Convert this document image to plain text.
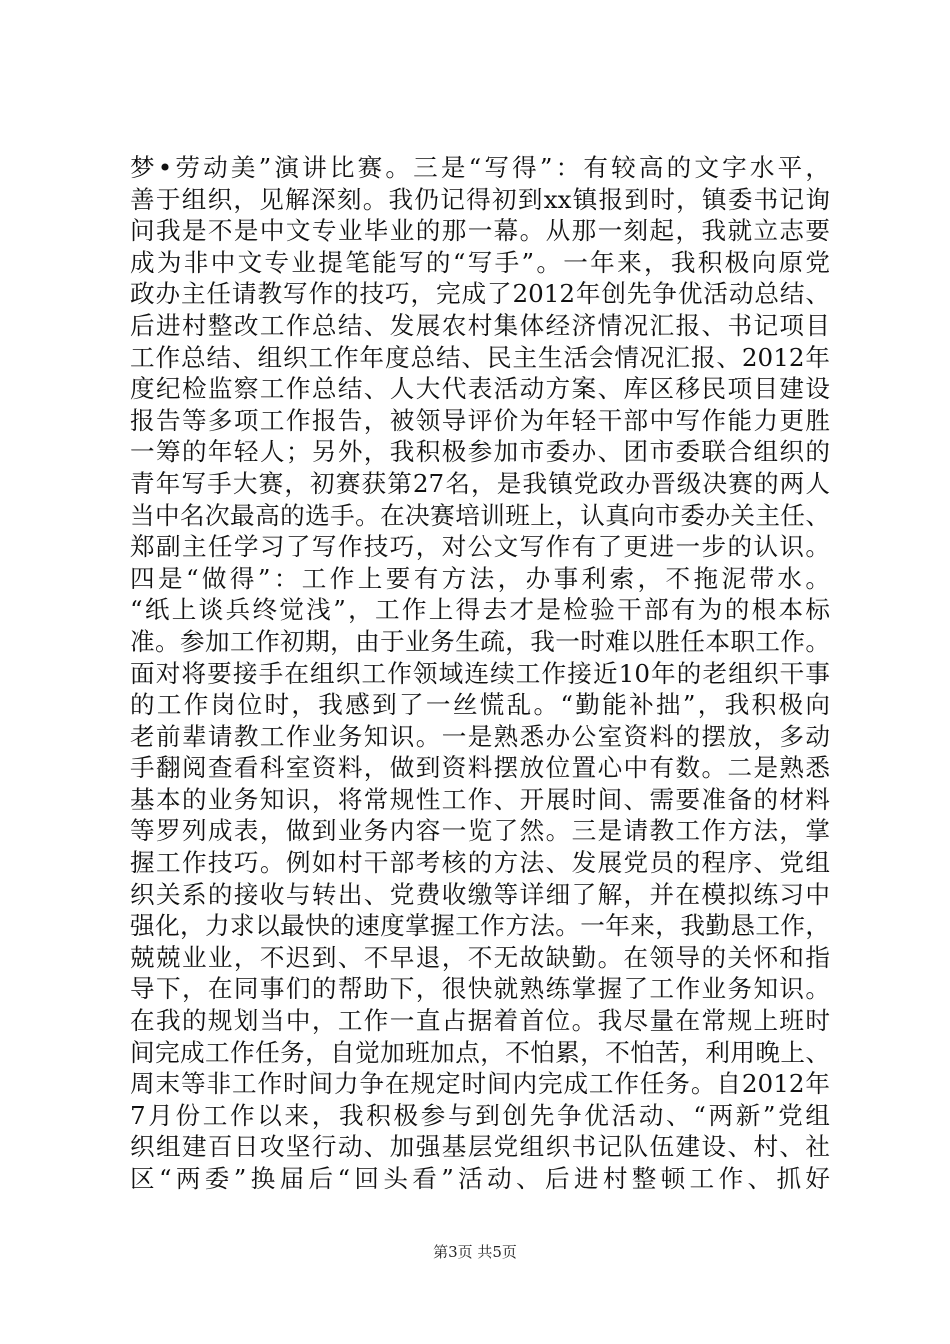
梦•劳动美”演讲比赛。三是“写得”：有较高的文字水平，
善于组织，见解深刻。我仍记得初到xx镇报到时，镇委书记询
问我是不是中文专业毕业的那一幕。从那一刻起，我就立志要
成为非中文专业提笔能写的“写手”。一年来，我积极向原党
政办主任请教写作的技巧，完成了2012年创先争优活动总结、
后进村整改工作总结、发展农村集体经济情况汇报、书记项目
工作总结、组织工作年度总结、民主生活会情况汇报、2012年
度纪检监察工作总结、人大代表活动方案、库区移民项目建设
报告等多项工作报告，被领导评价为年轻干部中写作能力更胜
一筹的年轻人；另外，我积极参加市委办、团市委联合组织的
青年写手大赛，初赛获第27名，是我镇党政办晋级决赛的两人
当中名次最高的选手。在决赛培训班上，认真向市委办关主任、
郑副主任学习了写作技巧，对公文写作有了更进一步的认识。
四是“做得”：工作上要有方法，办事利索，不拖泥带水。
“纸上谈兵终觉浅”，工作上得去才是检验干部有为的根本标
准。参加工作初期，由于业务生疏，我一时难以胜任本职工作。
面对将要接手在组织工作领域连续工作接近10年的老组织干事
的工作岗位时，我感到了一丝慌乱。“勤能补拙”，我积极向
老前辈请教工作业务知识。一是熟悉办公室资料的摆放，多动
手翻阅查看科室资料，做到资料摆放位置心中有数。二是熟悉
基本的业务知识，将常规性工作、开展时间、需要准备的材料
等罗列成表，做到业务内容一览了然。三是请教工作方法，掌
握工作技巧。例如村干部考核的方法、发展党员的程序、党组
织关系的接收与转出、党费收缴等详细了解，并在模拟练习中
强化，力求以最快的速度掌握工作方法。一年来，我勤恳工作，
兢兢业业，不迟到、不早退，不无故缺勤。在领导的关怀和指
导下，在同事们的帮助下，很快就熟练掌握了工作业务知识。
在我的规划当中，工作一直占据着首位。我尽量在常规上班时
间完成工作任务，自觉加班加点，不怕累，不怕苦，利用晚上、
周末等非工作时间力争在规定时间内完成工作任务。自2012年
7月份工作以来，我积极参与到创先争优活动、“两新”党组
织组建百日攻坚行动、加强基层党组织书记队伍建设、村、社
区“两委”换届后“回头看”活动、后进村整顿工作、抓好
第3页 共5页
